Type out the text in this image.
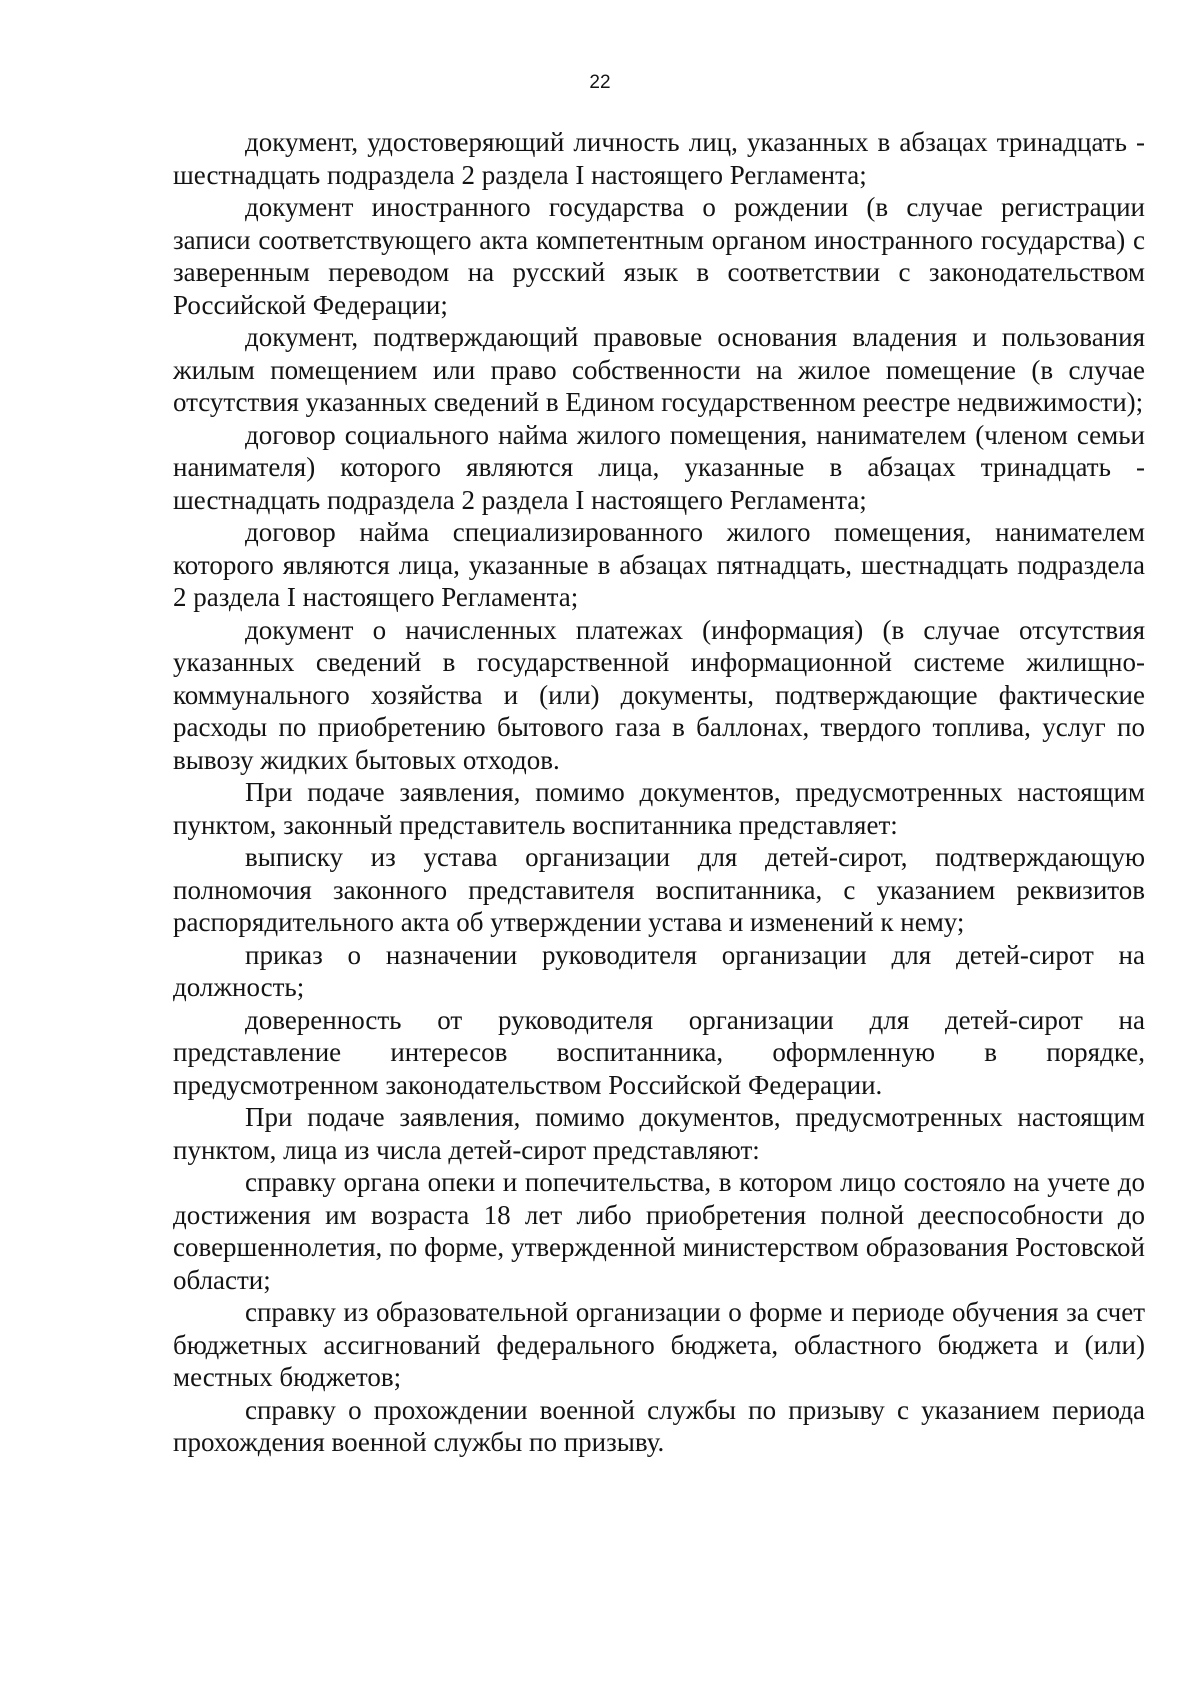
22

документ, удостоверяющий личность лиц, указанных в абзацах тринадцать - шестнадцать подраздела 2 раздела I настоящего Регламента;

документ иностранного государства о рождении (в случае регистрации записи соответствующего акта компетентным органом иностранного государства) с заверенным переводом на русский язык в соответствии с законодательством Российской Федерации;

документ, подтверждающий правовые основания владения и пользования жилым помещением или право собственности на жилое помещение (в случае отсутствия указанных сведений в Едином государственном реестре недвижимости);

договор социального найма жилого помещения, нанимателем (членом семьи нанимателя) которого являются лица, указанные в абзацах тринадцать - шестнадцать подраздела 2 раздела I настоящего Регламента;

договор найма специализированного жилого помещения, нанимателем которого являются лица, указанные в абзацах пятнадцать, шестнадцать подраздела 2 раздела I настоящего Регламента;

документ о начисленных платежах (информация) (в случае отсутствия указанных сведений в государственной информационной системе жилищно-коммунального хозяйства и (или) документы, подтверждающие фактические расходы по приобретению бытового газа в баллонах, твердого топлива, услуг по вывозу жидких бытовых отходов.

При подаче заявления, помимо документов, предусмотренных настоящим пунктом, законный представитель воспитанника представляет:

выписку из устава организации для детей-сирот, подтверждающую полномочия законного представителя воспитанника, с указанием реквизитов распорядительного акта об утверждении устава и изменений к нему;

приказ о назначении руководителя организации для детей-сирот на должность;

доверенность от руководителя организации для детей-сирот на представление интересов воспитанника, оформленную в порядке, предусмотренном законодательством Российской Федерации.

При подаче заявления, помимо документов, предусмотренных настоящим пунктом, лица из числа детей-сирот представляют:

справку органа опеки и попечительства, в котором лицо состояло на учете до достижения им возраста 18 лет либо приобретения полной дееспособности до совершеннолетия, по форме, утвержденной министерством образования Ростовской области;

справку из образовательной организации о форме и периоде обучения за счет бюджетных ассигнований федерального бюджета, областного бюджета и (или) местных бюджетов;

справку о прохождении военной службы по призыву с указанием периода прохождения военной службы по призыву.
